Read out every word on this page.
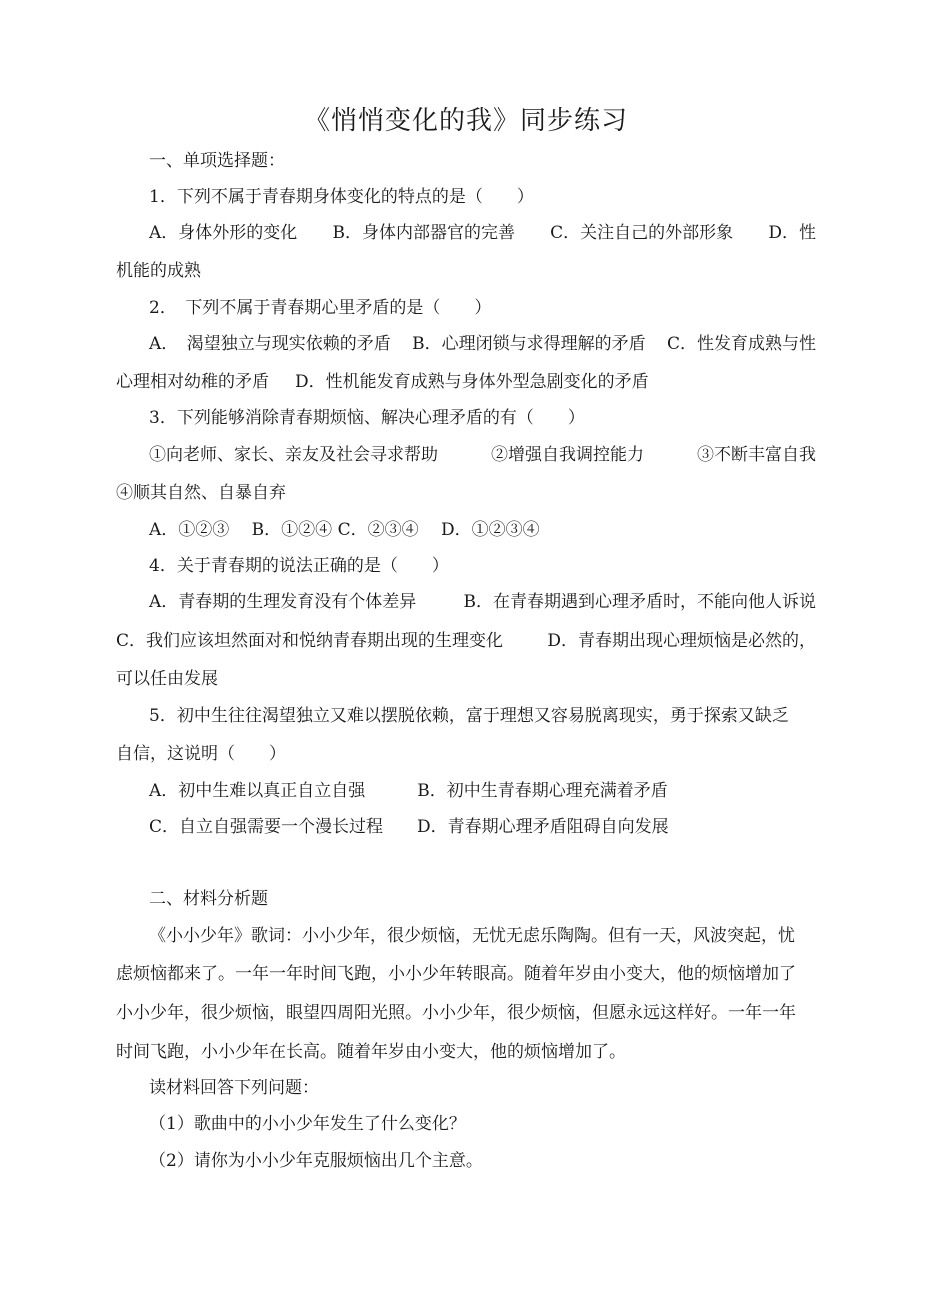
《悄悄变化的我》同步练习
一、单项选择题：
1．下列不属于青春期身体变化的特点的是（　　）
A．身体外形的变化 B．身体内部器官的完善 C．关注自己的外部形象 D．性
机能的成熟
2．　下列不属于青春期心里矛盾的是（　　）
A．　渴望独立与现实依赖的矛盾 B．心理闭锁与求得理解的矛盾 C．性发育成熟与性
心理相对幼稚的矛盾 D．性机能发育成熟与身体外型急剧变化的矛盾
3．下列能够消除青春期烦恼、解决心理矛盾的有（　　）
①向老师、家长、亲友及社会寻求帮助	②增强自我调控能力	③不断丰富自我
④顺其自然、自暴自弃
A．①②③　 B．①②④ C．②③④　 D．①②③④
4．关于青春期的说法正确的是（　　）
A．青春期的生理发育没有个体差异	B．在青春期遇到心理矛盾时，不能向他人诉说
C．我们应该坦然面对和悦纳青春期出现的生理变化	D．青春期出现心理烦恼是必然的，
可以任由发展
5．初中生往往渴望独立又难以摆脱依赖，富于理想又容易脱离现实，勇于探索又缺乏
自信，这说明（　　）
A．初中生难以真正自立自强	B．初中生青春期心理充满着矛盾
C．自立自强需要一个漫长过程 D．青春期心理矛盾阻碍自向发展
二、材料分析题
《小小少年》歌词：小小少年，很少烦恼，无忧无虑乐陶陶。但有一天，风波突起，忧
虑烦恼都来了。一年一年时间飞跑，小小少年转眼高。随着年岁由小变大，他的烦恼增加了
小小少年，很少烦恼，眼望四周阳光照。小小少年，很少烦恼，但愿永远这样好。一年一年
时间飞跑，小小少年在长高。随着年岁由小变大，他的烦恼增加了。
读材料回答下列问题：
（1）歌曲中的小小少年发生了什么变化？
（2）请你为小小少年克服烦恼出几个主意。
